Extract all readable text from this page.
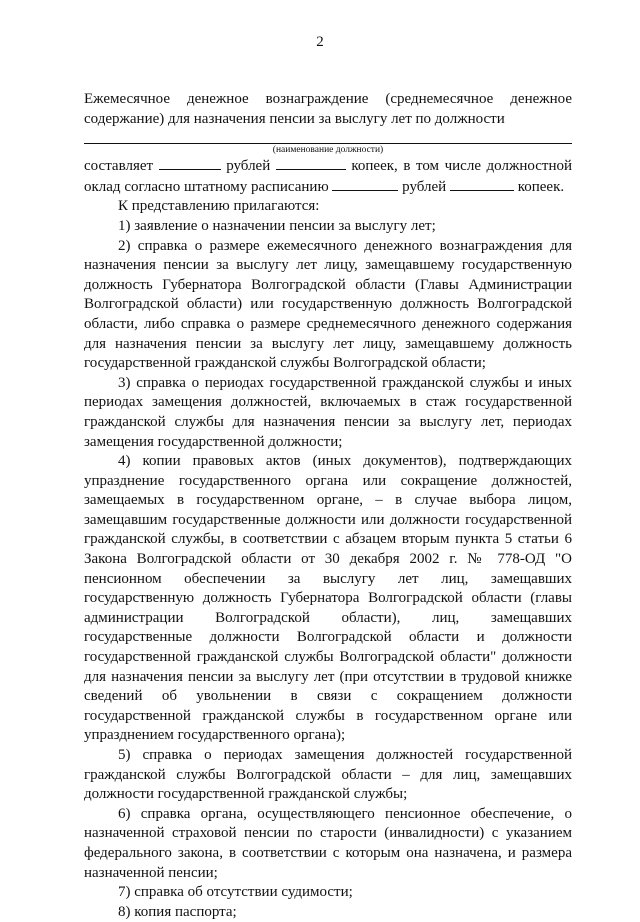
2

Ежемесячное денежное вознаграждение (среднемесячное денежное содержание) для назначения пенсии за выслугу лет по должности

(наименование должности)

составляет	рублей	копеек, в том числе должностной

оклад согласно штатному расписанию	рублей	копеек.

К представлению прилагаются:

1) заявление о назначении пенсии за выслугу лет;

2) справка о размере ежемесячного денежного вознаграждения для назначения пенсии за выслугу лет лицу, замещавшему государственную должность Губернатора Волгоградской области (Главы Администрации Волгоградской области) или государственную должность Волгоградской области, либо справка о размере среднемесячного денежного содержания для назначения пенсии за выслугу лет лицу, замещавшему должность государственной гражданской службы Волгоградской области;

3) справка о периодах государственной гражданской службы и иных периодах замещения должностей, включаемых в стаж государственной гражданской службы для назначения пенсии за выслугу лет, периодах замещения государственной должности;

4) копии правовых актов (иных документов), подтверждающих упразднение государственного органа или сокращение должностей, замещаемых в государственном органе, – в случае выбора лицом, замещавшим государственные должности или должности государственной гражданской службы, в соответствии с абзацем вторым пункта 5 статьи 6 Закона Волгоградской области от 30 декабря 2002 г. № 778-ОД "О пенсионном обеспечении за выслугу лет лиц, замещавших государственную должность Губернатора Волгоградской области (главы администрации Волгоградской области), лиц, замещавших государственные должности Волгоградской области и должности государственной гражданской службы Волгоградской области" должности для назначения пенсии за выслугу лет (при отсутствии в трудовой книжке сведений об увольнении в связи с сокращением должности государственной гражданской службы в государственном органе или упразднением государственного органа);

5) справка о периодах замещения должностей государственной гражданской службы Волгоградской области – для лиц, замещавших должности государственной гражданской службы;

6) справка органа, осуществляющего пенсионное обеспечение, о назначенной страховой пенсии по старости (инвалидности) с указанием федерального закона, в соответствии с которым она назначена, и размера назначенной пенсии;

7) справка об отсутствии судимости;

8) копия паспорта;
